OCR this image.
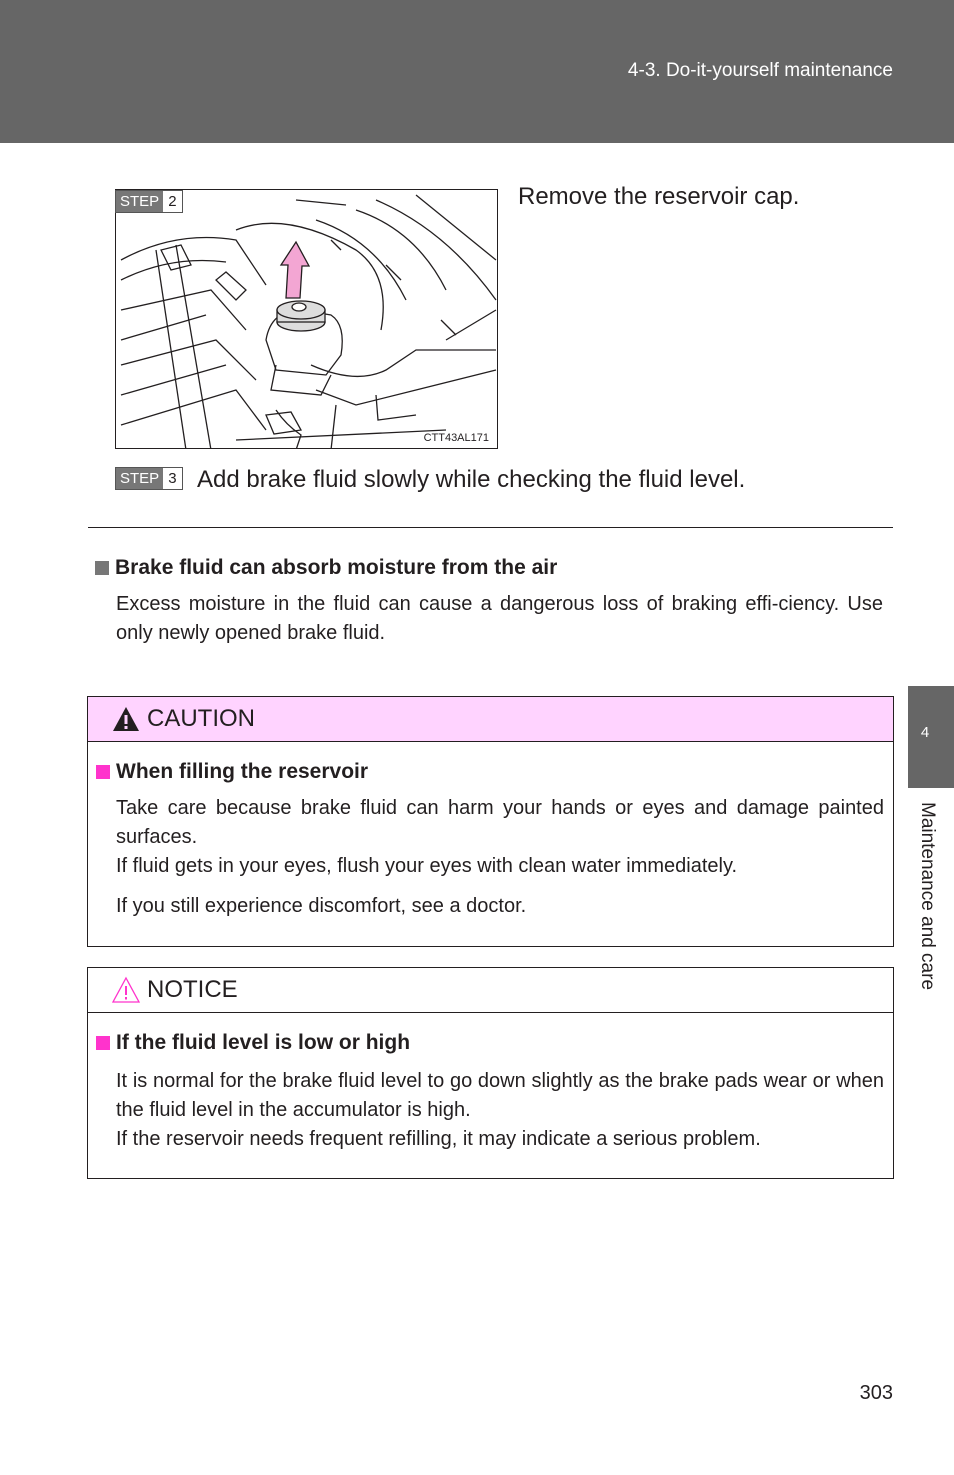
4-3. Do-it-yourself maintenance
4
Maintenance and care
CTT43AL171
STEP 2	Remove the reservoir cap.
STEP 3 Add brake fluid slowly while checking the fluid level.
Brake fluid can absorb moisture from the air
Excess moisture in the fluid can cause a dangerous loss of braking effi-ciency. Use only newly opened brake fluid.
CAUTION
When filling the reservoir
Take care because brake fluid can harm your hands or eyes and damage painted surfaces.
If fluid gets in your eyes, flush your eyes with clean water immediately.
If you still experience discomfort, see a doctor.
NOTICE
If the fluid level is low or high
It is normal for the brake fluid level to go down slightly as the brake pads wear or when the fluid level in the accumulator is high.
If the reservoir needs frequent refilling, it may indicate a serious problem.
303
